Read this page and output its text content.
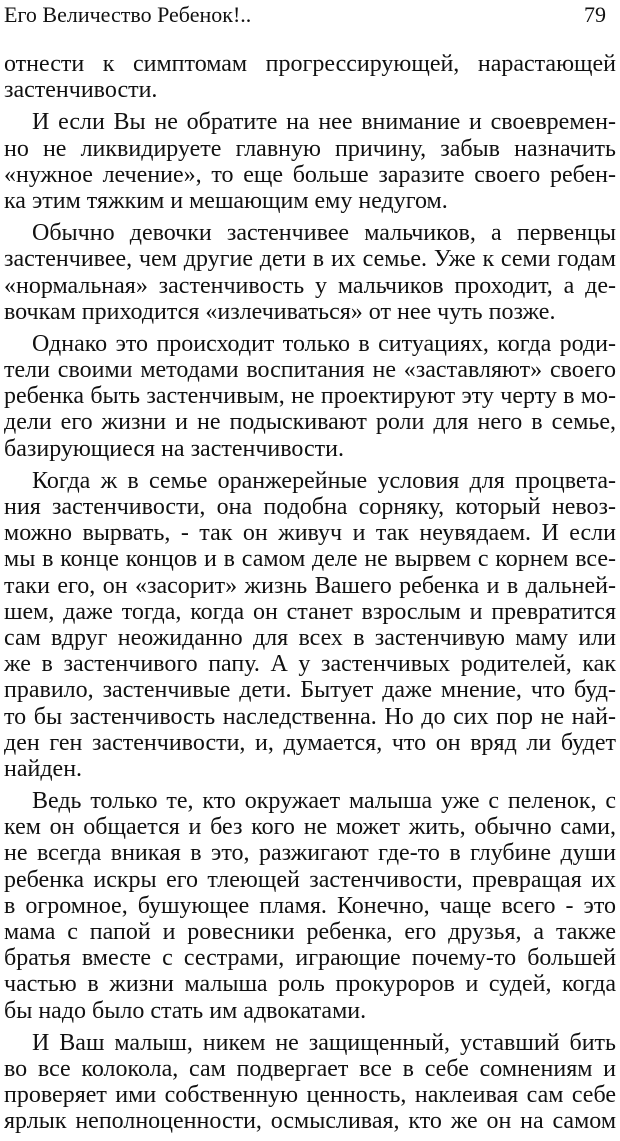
Его Величество Ребенок!..	79
отнести к симптомам прогрессирующей, нарастающей
застенчивости.
И если Вы не обратите на нее внимание и своевремен-
но не ликвидируете главную причину, забыв назначить
«нужное лечение», то еще больше заразите своего ребен-
ка этим тяжким и мешающим ему недугом.
Обычно девочки застенчивее мальчиков, а первенцы
застенчивее, чем другие дети в их семье. Уже к семи годам
«нормальная» застенчивость у мальчиков проходит, а де-
вочкам приходится «излечиваться» от нее чуть позже.
Однако это происходит только в ситуациях, когда роди-
тели своими методами воспитания не «заставляют» своего
ребенка быть застенчивым, не проектируют эту черту в мо-
дели его жизни и не подыскивают роли для него в семье,
базирующиеся на застенчивости.
Когда ж в семье оранжерейные условия для процвета-
ния застенчивости, она подобна сорняку, который невоз-
можно вырвать, - так он живуч и так неувядаем. И если
мы в конце концов и в самом деле не вырвем с корнем все-
таки его, он «засорит» жизнь Вашего ребенка и в дальней-
шем, даже тогда, когда он станет взрослым и превратится
сам вдруг неожиданно для всех в застенчивую маму или
же в застенчивого папу. А у застенчивых родителей, как
правило, застенчивые дети. Бытует даже мнение, что буд-
то бы застенчивость наследственна. Но до сих пор не най-
ден ген застенчивости, и, думается, что он вряд ли будет
найден.
Ведь только те, кто окружает малыша уже с пеленок, с
кем он общается и без кого не может жить, обычно сами,
не всегда вникая в это, разжигают где-то в глубине души
ребенка искры его тлеющей застенчивости, превращая их
в огромное, бушующее пламя. Конечно, чаще всего - это
мама с папой и ровесники ребенка, его друзья, а также
братья вместе с сестрами, играющие почему-то большей
частью в жизни малыша роль прокуроров и судей, когда
бы надо было стать им адвокатами.
И Ваш малыш, никем не защищенный, уставший бить
во все колокола, сам подвергает все в себе сомнениям и
проверяет ими собственную ценность, наклеивая сам себе
ярлык неполноценности, осмысливая, кто же он на самом
